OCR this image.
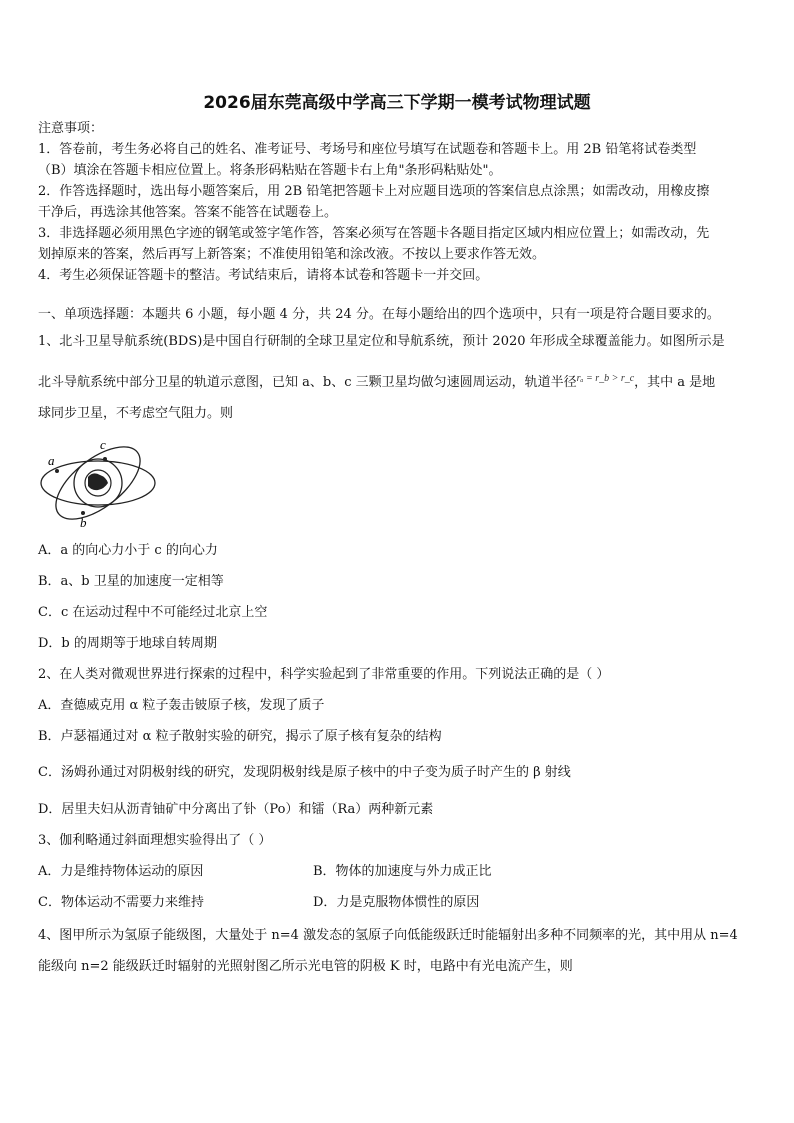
2026届东莞高级中学高三下学期一模考试物理试题
注意事项：
1．答卷前，考生务必将自己的姓名、准考证号、考场号和座位号填写在试题卷和答题卡上。用 2B 铅笔将试卷类型
（B）填涂在答题卡相应位置上。将条形码粘贴在答题卡右上角"条形码粘贴处"。
2．作答选择题时，选出每小题答案后，用 2B 铅笔把答题卡上对应题目选项的答案信息点涂黑；如需改动，用橡皮擦
干净后，再选涂其他答案。答案不能答在试题卷上。
3．非选择题必须用黑色字迹的钢笔或签字笔作答，答案必须写在答题卡各题目指定区域内相应位置上；如需改动，先
划掉原来的答案，然后再写上新答案；不准使用铅笔和涂改液。不按以上要求作答无效。
4．考生必须保证答题卡的整洁。考试结束后，请将本试卷和答题卡一并交回。
一、单项选择题：本题共 6 小题，每小题 4 分，共 24 分。在每小题给出的四个选项中，只有一项是符合题目要求的。
1、北斗卫星导航系统(BDS)是中国自行研制的全球卫星定位和导航系统，预计 2020 年形成全球覆盖能力。如图所示是
北斗导航系统中部分卫星的轨道示意图，已知 a、b、c 三颗卫星均做匀速圆周运动，轨道半径$^{r_a = r\_b > r\_c}$，其中 a 是地
球同步卫星，不考虑空气阻力。则
a
c
b
A．a 的向心力小于 c 的向心力
B．a、b 卫星的加速度一定相等
C．c 在运动过程中不可能经过北京上空
D．b 的周期等于地球自转周期
2、在人类对微观世界进行探索的过程中，科学实验起到了非常重要的作用。下列说法正确的是（ ）
A．查德威克用 α 粒子轰击铍原子核，发现了质子
B．卢瑟福通过对 α 粒子散射实验的研究，揭示了原子核有复杂的结构
C．汤姆孙通过对阴极射线的研究，发现阴极射线是原子核中的中子变为质子时产生的 β 射线
D．居里夫妇从沥青铀矿中分离出了钋（Po）和镭（Ra）两种新元素
3、伽利略通过斜面理想实验得出了（ ）
A．力是维持物体运动的原因	B．物体的加速度与外力成正比
C．物体运动不需要力来维持	D．力是克服物体惯性的原因
4、图甲所示为氢原子能级图，大量处于 n=4 激发态的氢原子向低能级跃迁时能辐射出多种不同频率的光，其中用从 n=4
能级向 n=2 能级跃迁时辐射的光照射图乙所示光电管的阴极 K 时，电路中有光电流产生，则
